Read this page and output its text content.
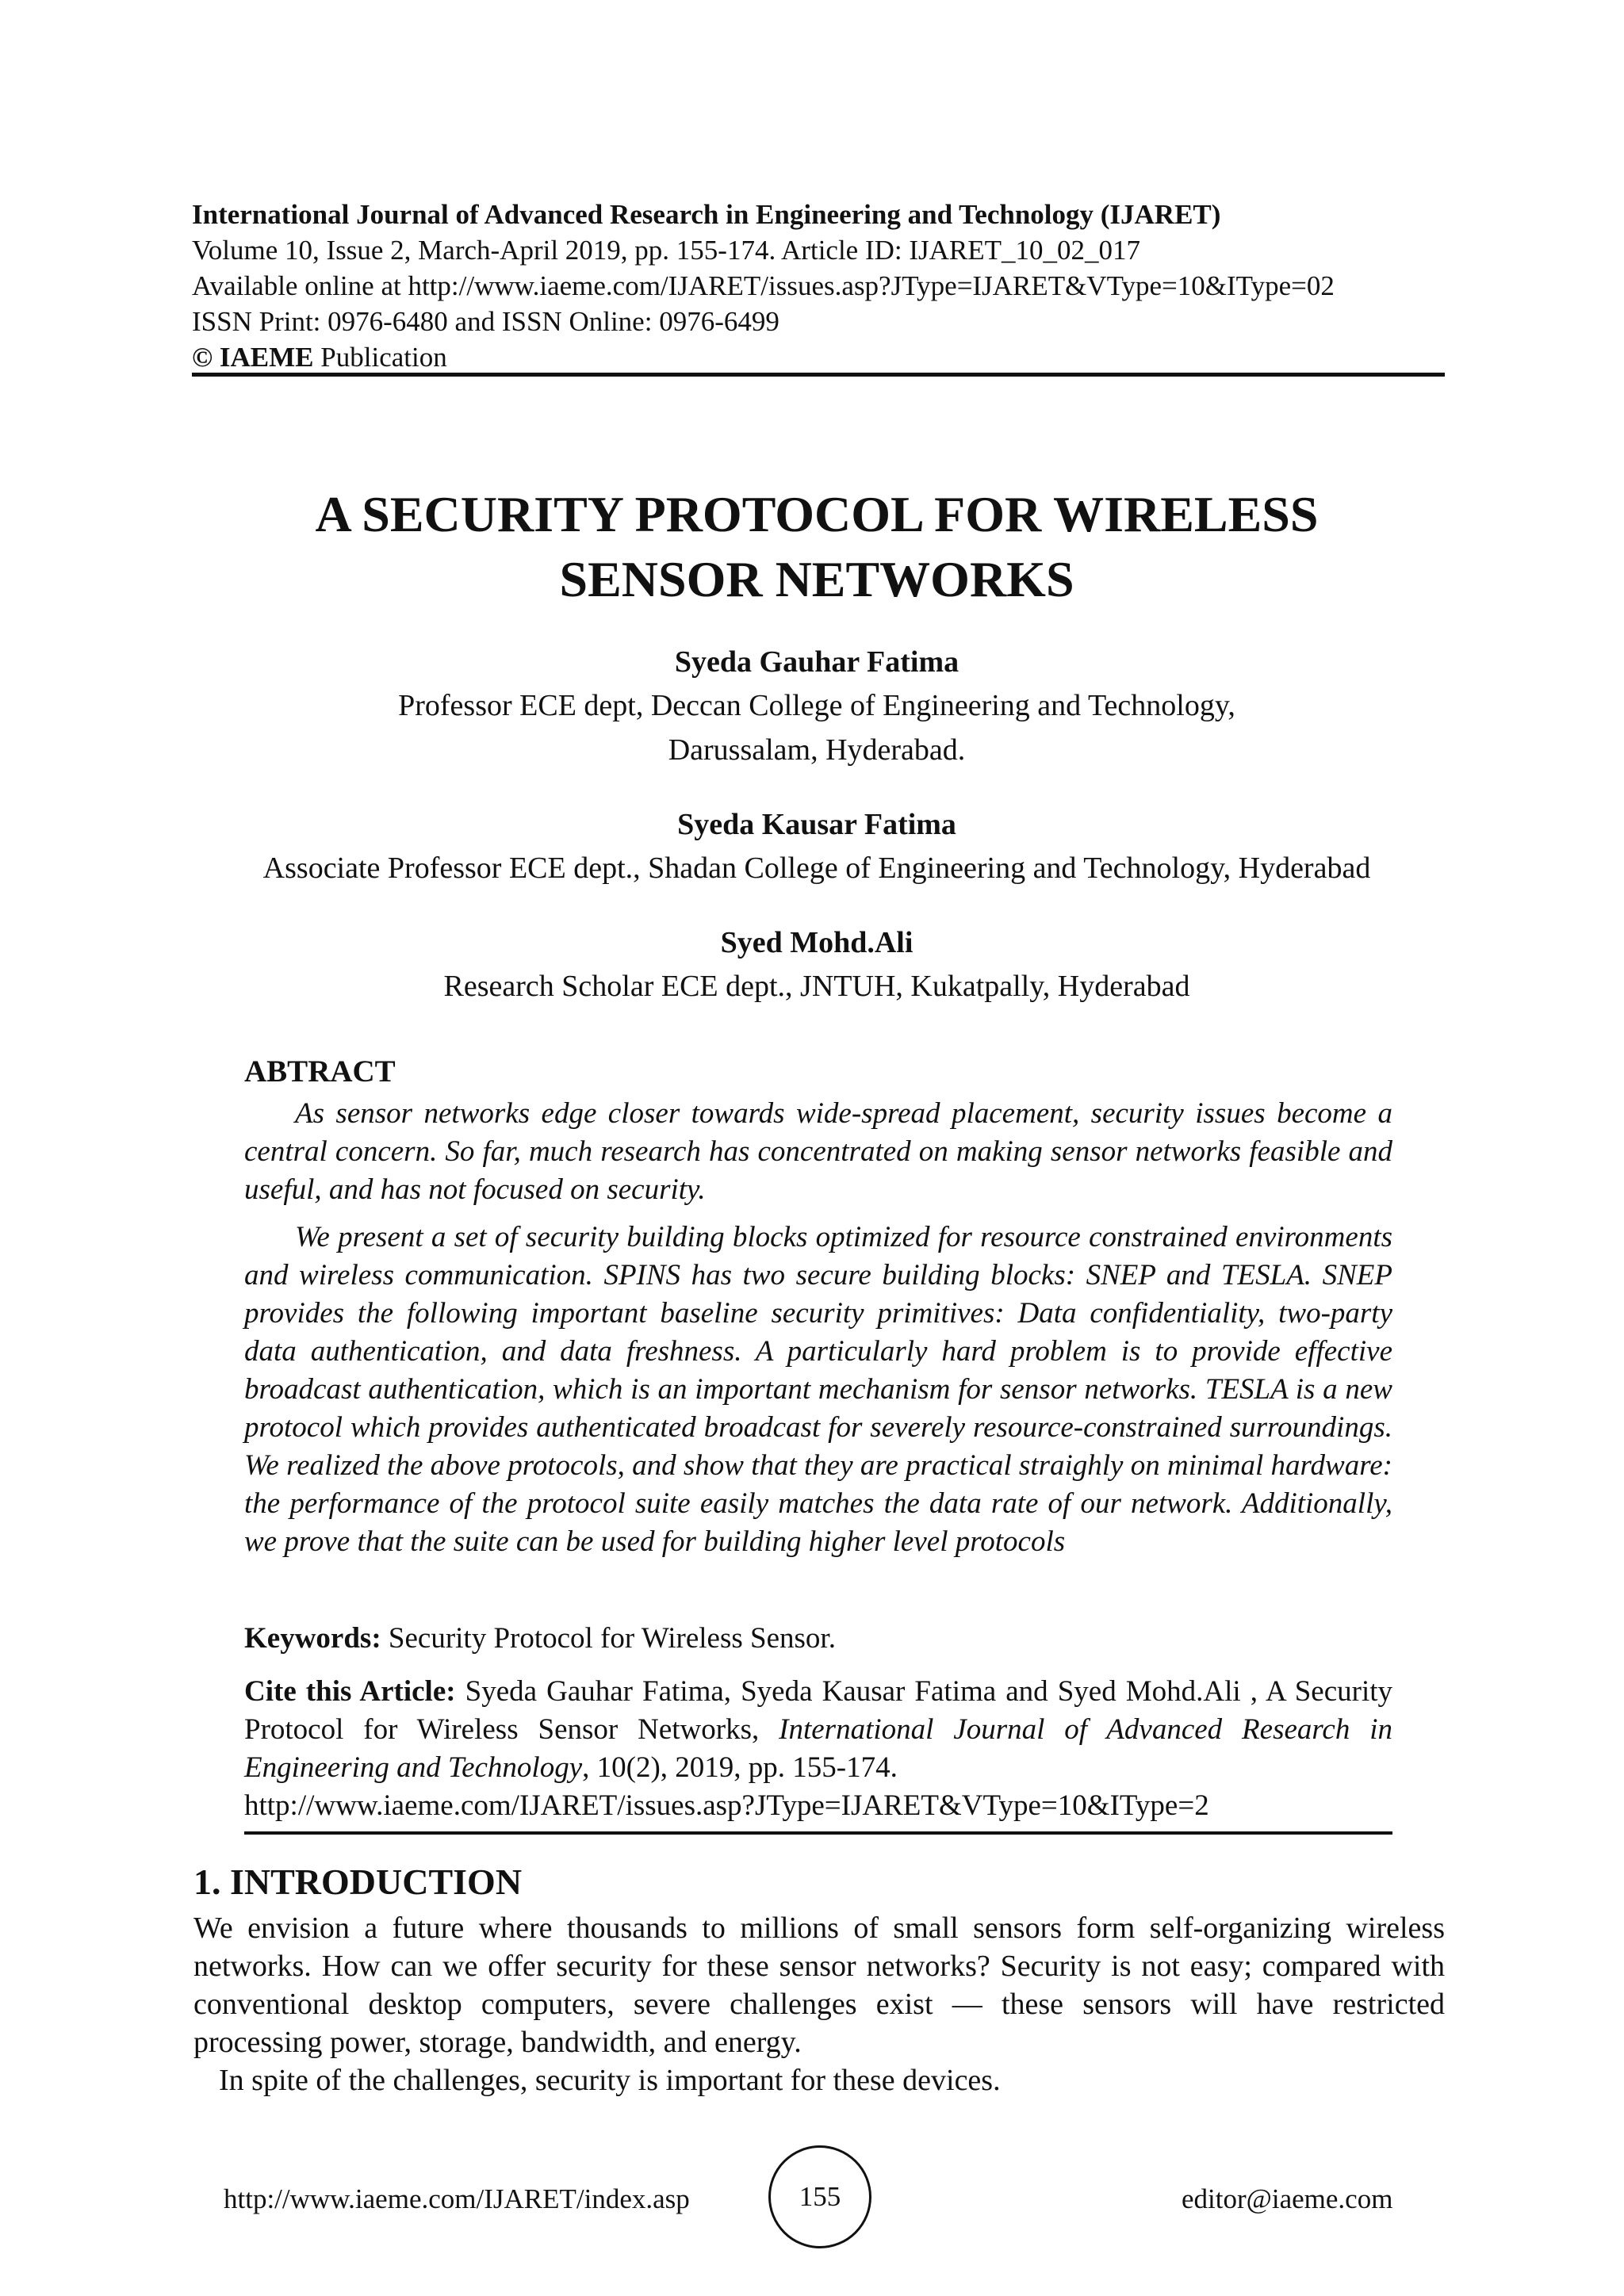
International Journal of Advanced Research in Engineering and Technology (IJARET)
Volume 10, Issue 2, March-April 2019, pp. 155-174. Article ID: IJARET_10_02_017
Available online at http://www.iaeme.com/IJARET/issues.asp?JType=IJARET&VType=10&IType=02
ISSN Print: 0976-6480 and ISSN Online: 0976-6499
© IAEME Publication
A SECURITY PROTOCOL FOR WIRELESS
SENSOR NETWORKS
Syeda Gauhar Fatima
Professor ECE dept, Deccan College of Engineering and Technology,
Darussalam, Hyderabad.
Syeda Kausar Fatima
Associate Professor ECE dept., Shadan College of Engineering and Technology, Hyderabad
Syed Mohd.Ali
Research Scholar ECE dept., JNTUH, Kukatpally, Hyderabad
ABTRACT

As sensor networks edge closer towards wide-spread placement, security issues become a central concern. So far, much research has concentrated on making sensor networks feasible and useful, and has not focused on security.

We present a set of security building blocks optimized for resource constrained environments and wireless communication. SPINS has two secure building blocks: SNEP and TESLA. SNEP provides the following important baseline security primitives: Data confidentiality, two-party data authentication, and data freshness. A particularly hard problem is to provide effective broadcast authentication, which is an important mechanism for sensor networks. TESLA is a new protocol which provides authenticated broadcast for severely resource-constrained surroundings. We realized the above protocols, and show that they are practical straighly on minimal hardware: the performance of the protocol suite easily matches the data rate of our network. Additionally, we prove that the suite can be used for building higher level protocols

Keywords: Security Protocol for Wireless Sensor.
Cite this Article: Syeda Gauhar Fatima, Syeda Kausar Fatima and Syed Mohd.Ali , A Security Protocol for Wireless Sensor Networks, International Journal of Advanced Research in Engineering and Technology, 10(2), 2019, pp. 155-174.
http://www.iaeme.com/IJARET/issues.asp?JType=IJARET&VType=10&IType=2
1. INTRODUCTION

We envision a future where thousands to millions of small sensors form self-organizing wireless networks. How can we offer security for these sensor networks? Security is not easy; compared with conventional desktop computers, severe challenges exist — these sensors will have restricted processing power, storage, bandwidth, and energy.

In spite of the challenges, security is important for these devices.

http://www.iaeme.com/IJARET/index.asp	155	editor@iaeme.com
